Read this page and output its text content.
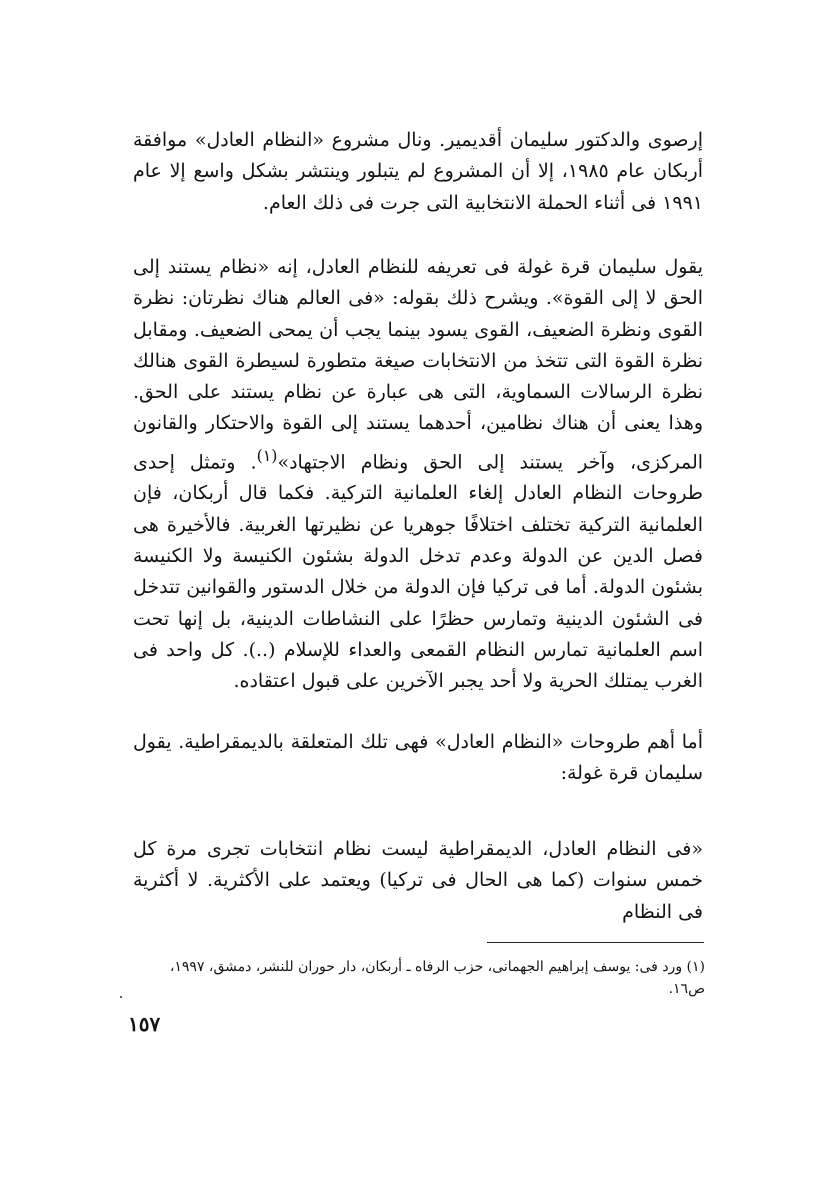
إرصوى والدكتور سليمان أقديمير. ونال مشروع «النظام العادل» موافقة أربكان عام ١٩٨٥، إلا أن المشروع لم يتبلور وينتشر بشكل واسع إلا عام ١٩٩١ فى أثناء الحملة الانتخابية التى جرت فى ذلك العام.

يقول سليمان قرة غولة فى تعريفه للنظام العادل، إنه «نظام يستند إلى الحق لا إلى القوة». ويشرح ذلك بقوله: «فى العالم هناك نظرتان: نظرة القوى ونظرة الضعيف، القوى يسود بينما يجب أن يمحى الضعيف. ومقابل نظرة القوة التى تتخذ من الانتخابات صيغة متطورة لسيطرة القوى هنالك نظرة الرسالات السماوية، التى هى عبارة عن نظام يستند على الحق. وهذا يعنى أن هناك نظامين، أحدهما يستند إلى القوة والاحتكار والقانون المركزى، وآخر يستند إلى الحق ونظام الاجتهاد»$^{(١)}$. وتمثل إحدى طروحات النظام العادل إلغاء العلمانية التركية. فكما قال أربكان، فإن العلمانية التركية تختلف اختلافًا جوهريا عن نظيرتها الغربية. فالأخيرة هى فصل الدين عن الدولة وعدم تدخل الدولة بشئون الكنيسة ولا الكنيسة بشئون الدولة. أما فى تركيا فإن الدولة من خلال الدستور والقوانين تتدخل فى الشئون الدينية وتمارس حظرًا على النشاطات الدينية، بل إنها تحت اسم العلمانية تمارس النظام القمعى والعداء للإسلام (..). كل واحد فى الغرب يمتلك الحرية ولا أحد يجبر الآخرين على قبول اعتقاده.

أما أهم طروحات «النظام العادل» فهى تلك المتعلقة بالديمقراطية. يقول سليمان قرة غولة:

«فى النظام العادل، الديمقراطية ليست نظام انتخابات تجرى مرة كل خمس سنوات (كما هى الحال فى تركيا) ويعتمد على الأكثرية. لا أكثرية فى النظام

(١) ورد فى: يوسف إبراهيم الجهمانى، حزب الرفاه ـ أربكان، دار حوران للنشر، دمشق، ١٩٩٧، ص١٦.
١٥٧
